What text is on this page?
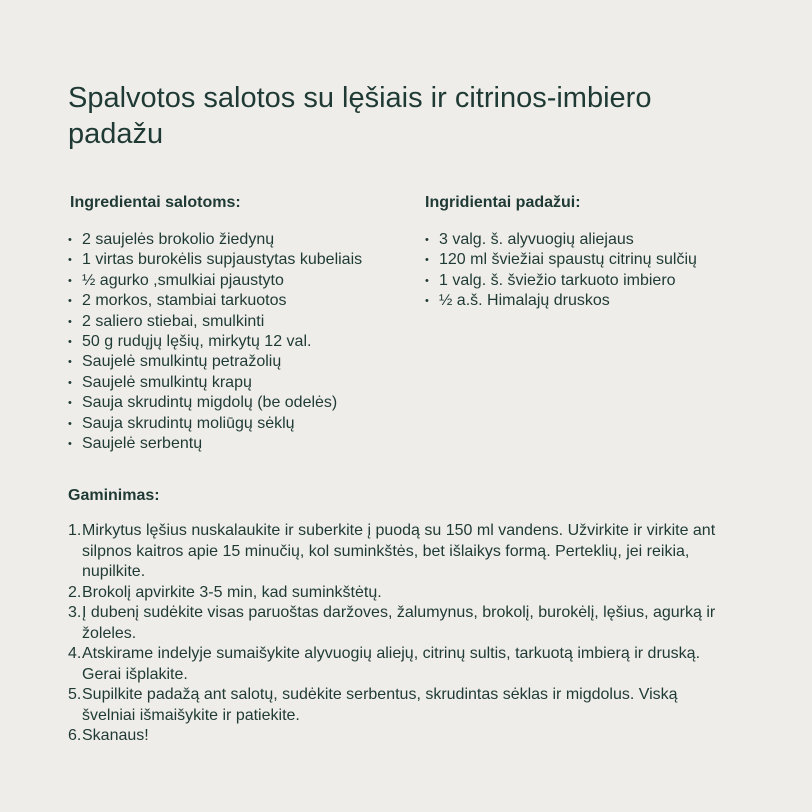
Spalvotos salotos su lęšiais ir citrinos-imbiero padažu
Ingredientai salotoms:
• 2 saujelės brokolio žiedynų
• 1 virtas burokėlis supjaustytas kubeliais
• ½ agurko ,smulkiai pjaustyto
• 2 morkos, stambiai tarkuotos
• 2 saliero stiebai, smulkinti
• 50 g rudųjų lęšių, mirkytų 12 val.
• Saujelė smulkintų petražolių
• Saujelė smulkintų krapų
• Sauja skrudintų migdolų (be odelės)
• Sauja skrudintų moliūgų sėklų
• Saujelė serbentų
Ingridientai padažui:
• 3 valg. š. alyvuogių aliejaus
• 120 ml šviežiai spaustų citrinų sulčių
• 1 valg. š. šviežio tarkuoto imbiero
• ½ a.š. Himalajų druskos
Gaminimas:
1. Mirkytus lęšius nuskalaukite ir suberkite į puodą su 150 ml vandens. Užvirkite ir virkite ant silpnos kaitros apie 15 minučių, kol suminkštės, bet išlaikys formą. Perteklių, jei reikia, nupilkite.
2. Brokolį apvirkite 3-5 min, kad suminkštėtų.
3. Į dubenį sudėkite visas paruoštas daržoves, žalumynus, brokolį, burokėlį, lęšius, agurką ir žoleles.
4. Atskirame indelyje sumaišykite alyvuogių aliejų, citrinų sultis, tarkuotą imbierą ir druską. Gerai išplakite.
5. Supilkite padažą ant salotų, sudėkite serbentus, skrudintas sėklas ir migdolus. Viską švelniai išmaišykite ir patiekite.
6. Skanaus!
